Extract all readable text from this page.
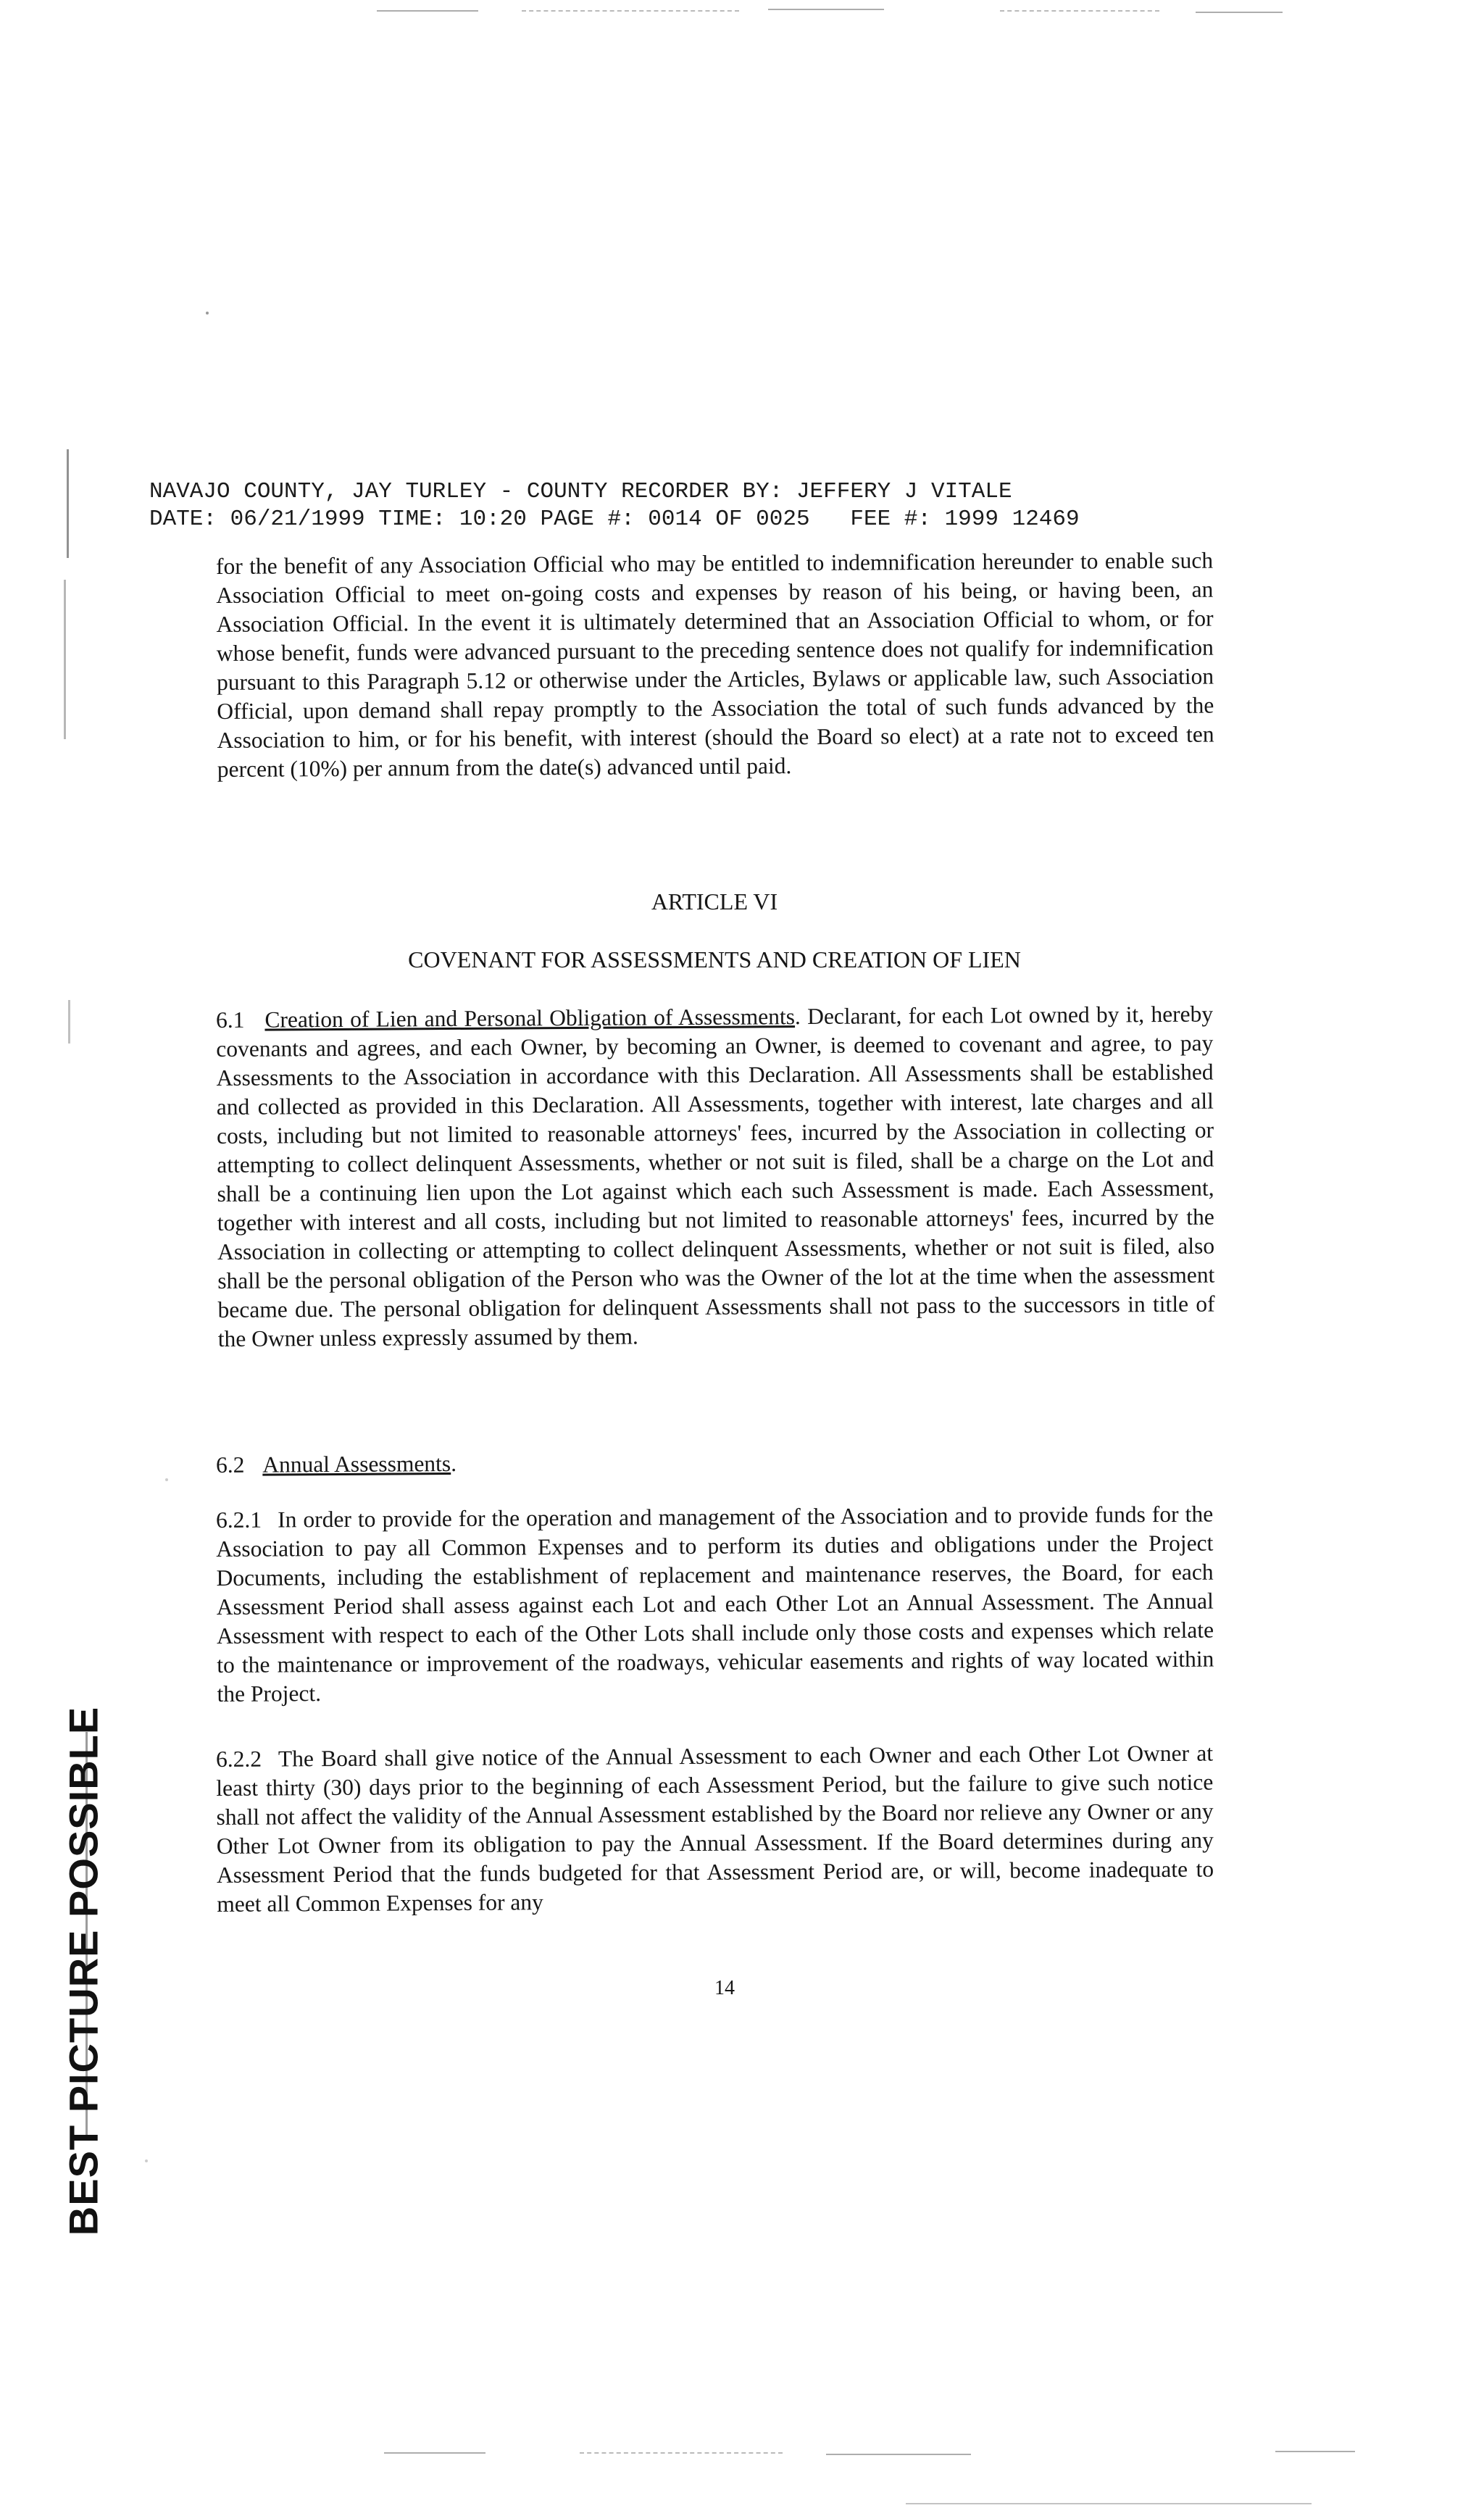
BEST PICTURE POSSIBLE
NAVAJO COUNTY, JAY TURLEY - COUNTY RECORDER BY: JEFFERY J VITALE
DATE: 06/21/1999 TIME: 10:20 PAGE #: 0014 OF 0025   FEE #: 1999 12469

for the benefit of any Association Official who may be entitled to indemnification hereunder to enable such Association Official to meet on-going costs and expenses by reason of his being, or having been, an Association Official. In the event it is ultimately determined that an Association Official to whom, or for whose benefit, funds were advanced pursuant to the preceding sentence does not qualify for indemnification pursuant to this Paragraph 5.12 or otherwise under the Articles, Bylaws or applicable law, such Association Official, upon demand shall repay promptly to the Association the total of such funds advanced by the Association to him, or for his benefit, with interest (should the Board so elect) at a rate not to exceed ten percent (10%) per annum from the date(s) advanced until paid.

ARTICLE VI
COVENANT FOR ASSESSMENTS AND CREATION OF LIEN

6.1 Creation of Lien and Personal Obligation of Assessments. Declarant, for each Lot owned by it, hereby covenants and agrees, and each Owner, by becoming an Owner, is deemed to covenant and agree, to pay Assessments to the Association in accordance with this Declaration. All Assessments shall be established and collected as provided in this Declaration. All Assessments, together with interest, late charges and all costs, including but not limited to reasonable attorneys' fees, incurred by the Association in collecting or attempting to collect delinquent Assessments, whether or not suit is filed, shall be a charge on the Lot and shall be a continuing lien upon the Lot against which each such Assessment is made. Each Assessment, together with interest and all costs, including but not limited to reasonable attorneys' fees, incurred by the Association in collecting or attempting to collect delinquent Assessments, whether or not suit is filed, also shall be the personal obligation of the Person who was the Owner of the lot at the time when the assessment became due. The personal obligation for delinquent Assessments shall not pass to the successors in title of the Owner unless expressly assumed by them.

6.2 Annual Assessments.

6.2.1 In order to provide for the operation and management of the Association and to provide funds for the Association to pay all Common Expenses and to perform its duties and obligations under the Project Documents, including the establishment of replacement and maintenance reserves, the Board, for each Assessment Period shall assess against each Lot and each Other Lot an Annual Assessment. The Annual Assessment with respect to each of the Other Lots shall include only those costs and expenses which relate to the maintenance or improvement of the roadways, vehicular easements and rights of way located within the Project.

6.2.2 The Board shall give notice of the Annual Assessment to each Owner and each Other Lot Owner at least thirty (30) days prior to the beginning of each Assessment Period, but the failure to give such notice shall not affect the validity of the Annual Assessment established by the Board nor relieve any Owner or any Other Lot Owner from its obligation to pay the Annual Assessment. If the Board determines during any Assessment Period that the funds budgeted for that Assessment Period are, or will, become inadequate to meet all Common Expenses for any

14
